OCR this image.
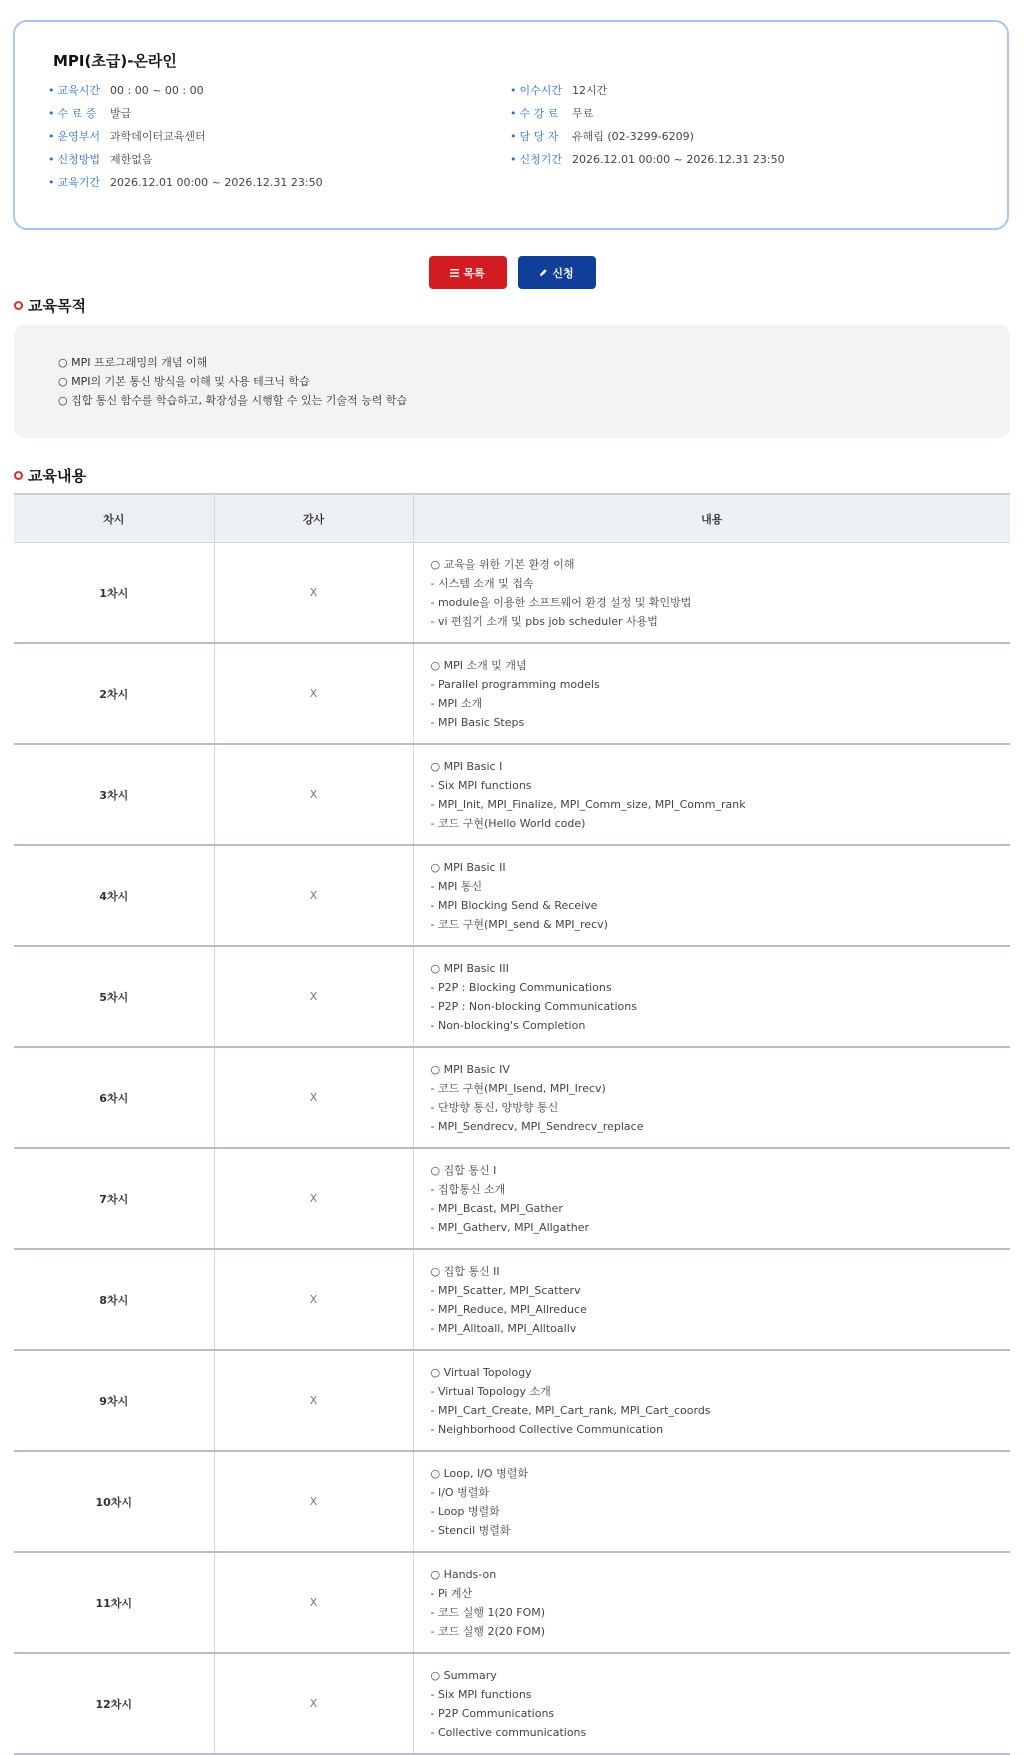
MPI(초급)-온라인
• 교육시간 00 : 00 ~ 00 : 00
• 수 료 증	발급
• 운영부서 과학데이터교육센터
• 신청방법 제한없음
• 교육기간 2026.12.01 00:00 ~ 2026.12.31 23:50
• 이수시간 12시간
• 수 강 료	무료
• 담 당 자	유해림 (02-3299-6209)
• 신청기간 2026.12.01 00:00 ~ 2026.12.31 23:50
목록	신청
교육목적
○ MPI 프로그래밍의 개념 이해
○ MPI의 기본 통신 방식을 이해 및 사용 테크닉 학습
○ 집합 통신 함수를 학습하고, 확장성을 시행할 수 있는 기술적 능력 학습
교육내용
차시	강사	내용
1차시	X	○ 교육을 위한 기본 환경 이해
- 시스템 소개 및 접속
- module을 이용한 소프트웨어 환경 설정 및 확인방법
- vi 편집기 소개 및 pbs job scheduler 사용법

2차시	X	○ MPI 소개 및 개념
- Parallel programming models
- MPI 소개
- MPI Basic Steps

3차시	X	○ MPI Basic I
- Six MPI functions
- MPI_Init, MPI_Finalize, MPI_Comm_size, MPI_Comm_rank
- 코드 구현(Hello World code)

4차시	X	○ MPI Basic II
- MPI 통신
- MPI Blocking Send & Receive
- 코드 구현(MPI_send & MPI_recv)

5차시	X	○ MPI Basic III
- P2P : Blocking Communications
- P2P : Non-blocking Communications
- Non-blocking's Completion

6차시	X	○ MPI Basic IV
- 코드 구현(MPI_Isend, MPI_Irecv)
- 단방향 통신, 양방향 통신
- MPI_Sendrecv, MPI_Sendrecv_replace

7차시	X	○ 집합 통신 I
- 집합통신 소개
- MPI_Bcast, MPI_Gather
- MPI_Gatherv, MPI_Allgather

8차시	X	○ 집합 통신 II
- MPI_Scatter, MPI_Scatterv
- MPI_Reduce, MPI_Allreduce
- MPI_Alltoall, MPI_Alltoallv

9차시	X	○ Virtual Topology
- Virtual Topology 소개
- MPI_Cart_Create, MPI_Cart_rank, MPI_Cart_coords
- Neighborhood Collective Communication

10차시	X	○ Loop, I/O 병렬화
- I/O 병렬화
- Loop 병렬화
- Stencil 병렬화

11차시	X	○ Hands-on
- Pi 계산
- 코드 실행 1(20 FOM)
- 코드 실행 2(20 FOM)

12차시	X	○ Summary
- Six MPI functions
- P2P Communications
- Collective communications
